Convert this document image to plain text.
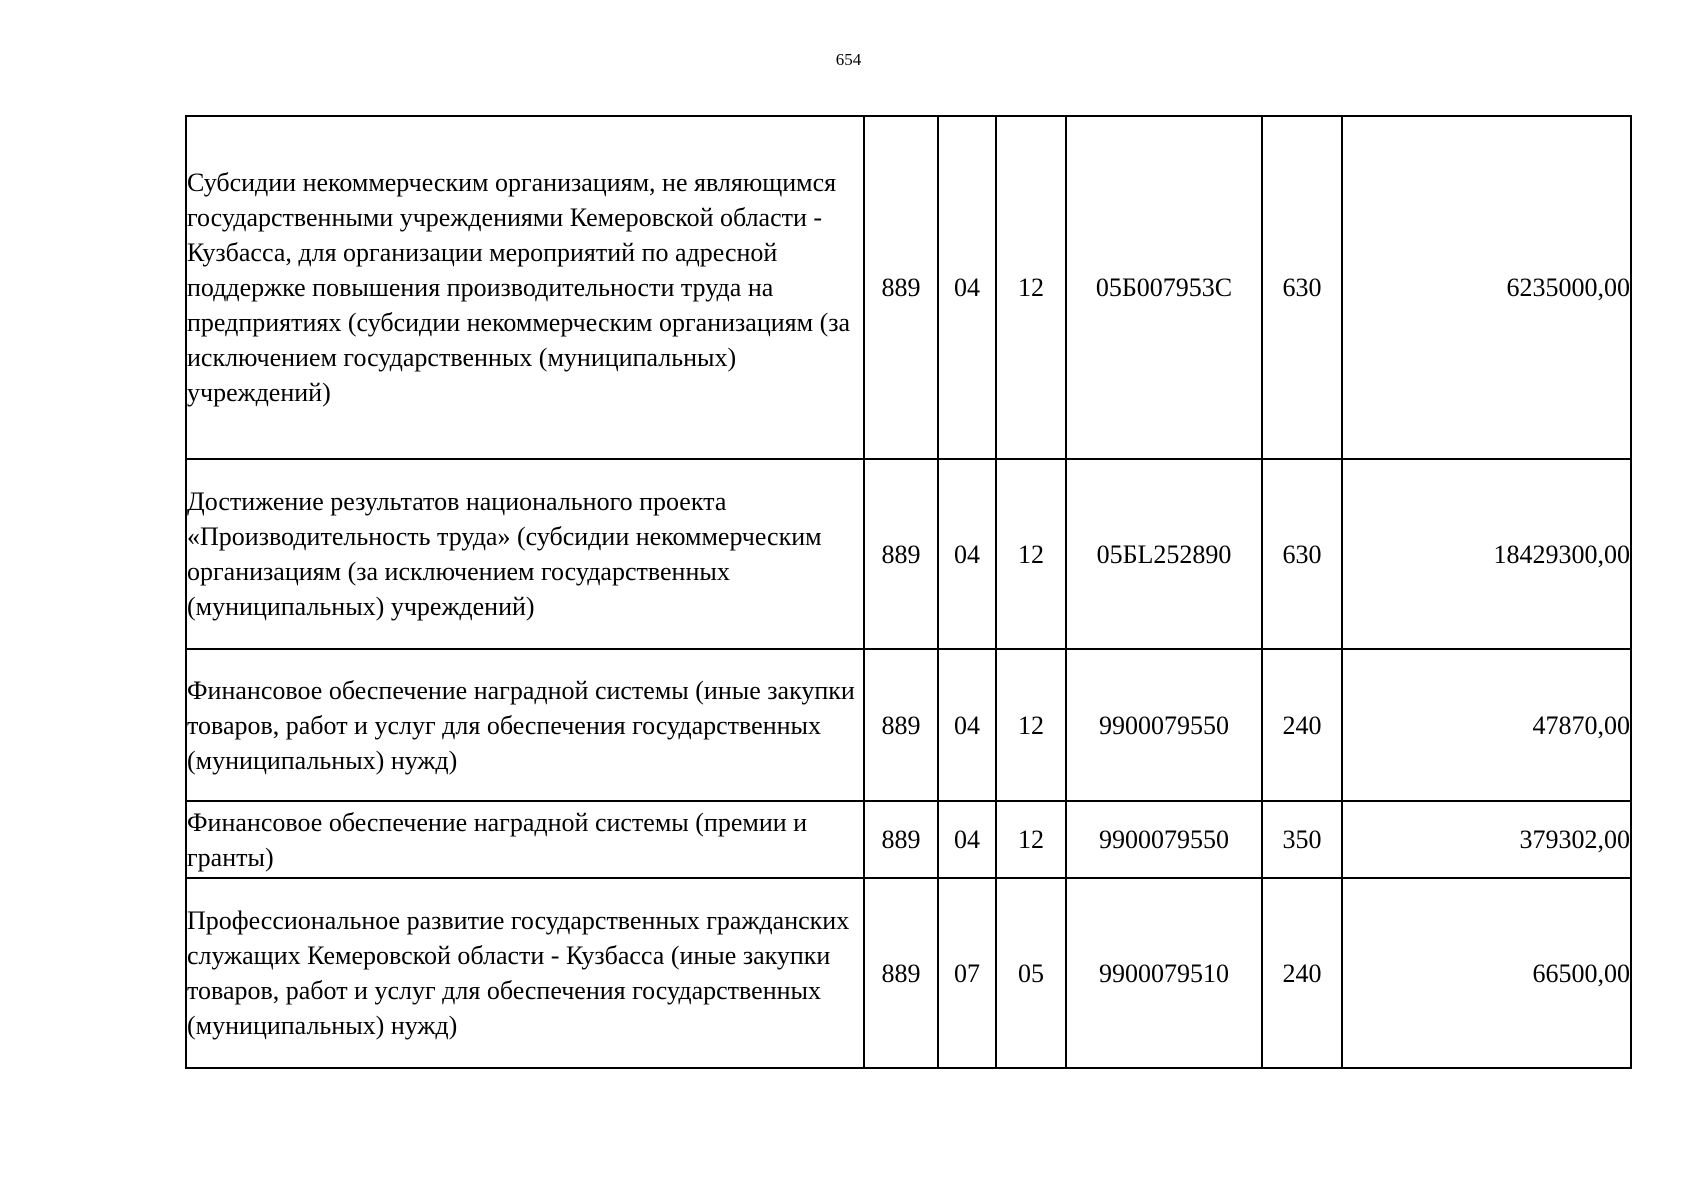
654
Субсидии некоммерческим организациям, не являющимся государственными учреждениями Кемеровской области - Кузбасса, для организации мероприятий по адресной поддержке повышения производительности труда на предприятиях (субсидии некоммерческим организациям (за исключением государственных (муниципальных) учреждений)	889	04	12	05Б007953С	630	6235000,00
Достижение результатов национального проекта «Производительность труда» (субсидии некоммерческим организациям (за исключением государственных (муниципальных) учреждений)	889	04	12	05БL252890	630	18429300,00
Финансовое обеспечение наградной системы (иные закупки товаров, работ и услуг для обеспечения государственных (муниципальных) нужд)	889	04	12	9900079550	240	47870,00
Финансовое обеспечение наградной системы (премии и гранты)	889	04	12	9900079550	350	379302,00
Профессиональное развитие государственных гражданских служащих Кемеровской области - Кузбасса (иные закупки товаров, работ и услуг для обеспечения государственных (муниципальных) нужд)	889	07	05	9900079510	240	66500,00
